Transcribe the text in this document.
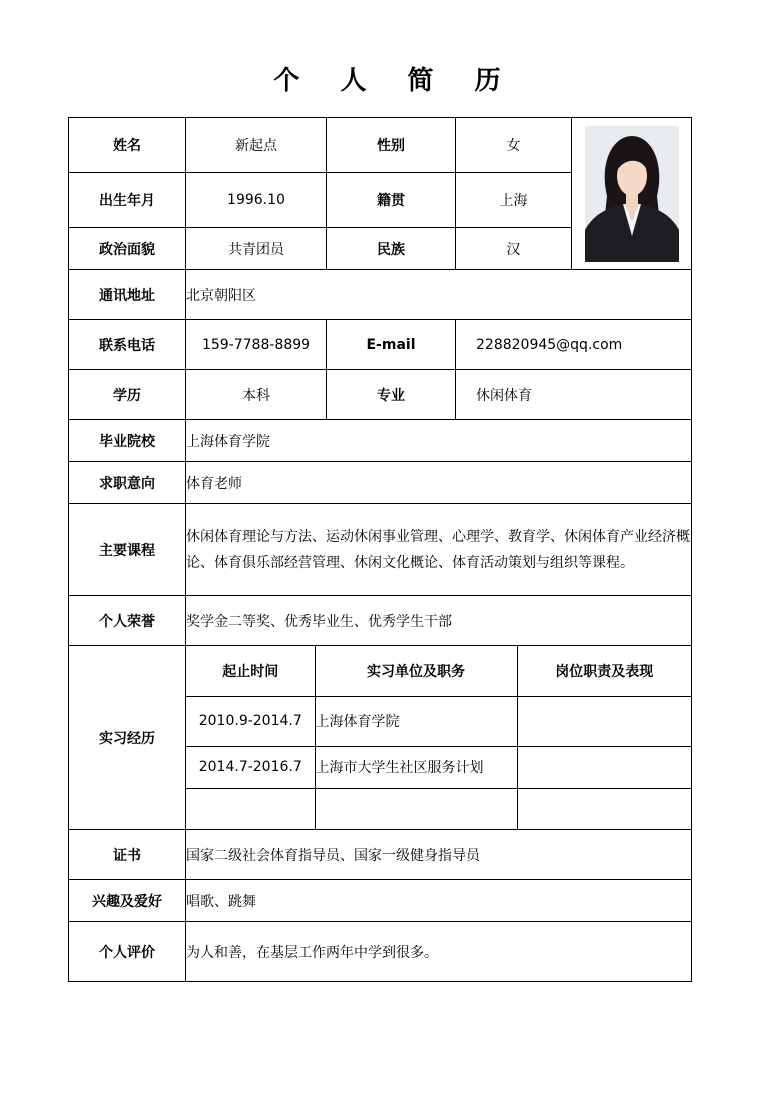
个 人 简 历
姓名	新起点	性别	女	

出生年月	1996.10	籍贯	上海
政治面貌	共青团员	民族	汉
通讯地址	北京朝阳区
联系电话	159-7788-8899	E-mail	228820945@qq.com
学历	本科	专业	休闲体育
毕业院校	上海体育学院
求职意向	体育老师
主要课程	休闲体育理论与方法、运动休闲事业管理、心理学、教育学、休闲体育产业经济概论、体育俱乐部经营管理、休闲文化概论、体育活动策划与组织等课程。
个人荣誉	奖学金二等奖、优秀毕业生、优秀学生干部
实习经历	
起止时间	实习单位及职务	岗位职责及表现
2010.9-2014.7	上海体育学院	
2014.7-2016.7	上海市大学生社区服务计划	

证书	国家二级社会体育指导员、国家一级健身指导员
兴趣及爱好	唱歌、跳舞
个人评价	为人和善，在基层工作两年中学到很多。
